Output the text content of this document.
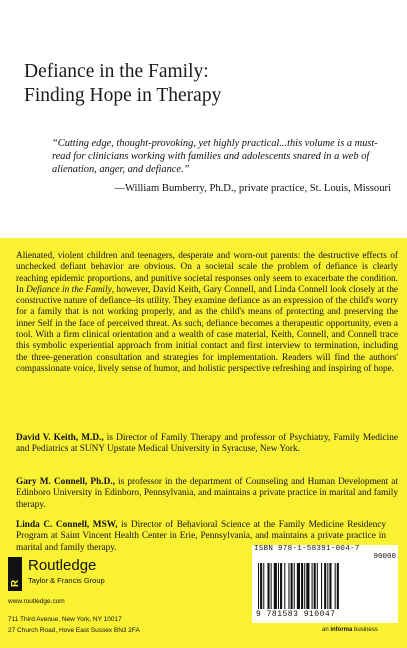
Defiance in the Family:
Finding Hope in Therapy
“Cutting edge, thought-provoking, yet highly practical...this volume is a must-read for clinicians working with families and adolescents snared in a web of alienation, anger, and defiance.”
—William Bumberry, Ph.D., private practice, St. Louis, Missouri
Alienated, violent children and teenagers, desperate and worn-out parents: the destructive effects of unchecked defiant behavior are obvious. On a societal scale the problem of defiance is clearly reaching epidemic proportions, and punitive societal responses only seem to exacerbate the condition. In Defiance in the Family, however, David Keith, Gary Connell, and Linda Connell look closely at the constructive nature of defiance–its utility. They examine defiance as an expression of the child's worry for a family that is not working properly, and as the child's means of protecting and preserving the inner Self in the face of perceived threat. As such, defiance becomes a therapeutic opportunity, even a tool. With a firm clinical orientation and a wealth of case material, Keith, Connell, and Connell trace this symbolic experiential approach from initial contact and first interview to termination, including the three-generation consultation and strategies for implementation. Readers will find the authors' compassionate voice, lively sense of humor, and holistic perspective refreshing and inspiring of hope.
David V. Keith, M.D., is Director of Family Therapy and professor of Psychiatry, Family Medicine and Pediatrics at SUNY Upstate Medical University in Syracuse, New York.
Gary M. Connell, Ph.D., is professor in the department of Counseling and Human Development at Edinboro University in Edinboro, Pennsylvania, and maintains a private practice in marital and family therapy.
Linda C. Connell, MSW, is Director of Behavioral Science at the Family Medicine Residency Program at Saint Vincent Health Center in Erie, Pennsylvania, and maintains a private practice in marital and family therapy.
R
Routledge
Taylor & Francis Group
www.routledge.com
711 Third Avenue, New York, NY 10017
27 Church Road, Hove East Sussex BN3 2FA
ISBN 978-1-58391-004-7
90000
9 781583 910047
an informa business
